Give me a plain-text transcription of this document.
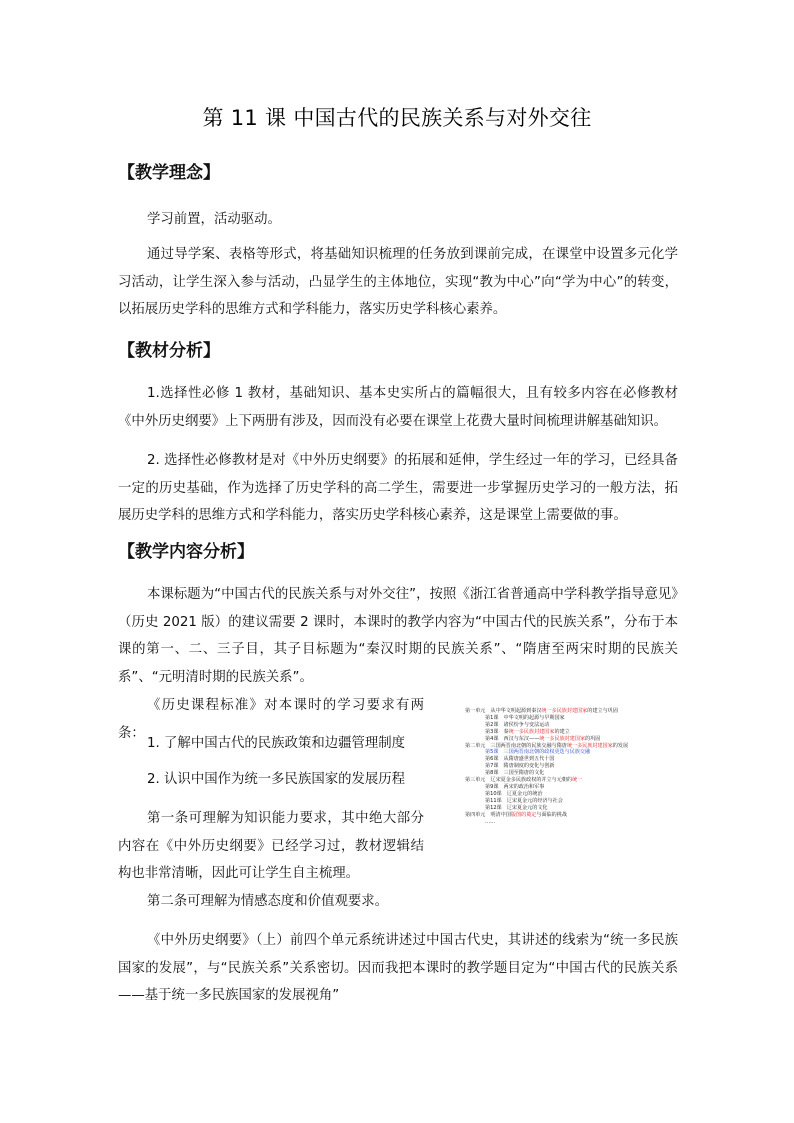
第 11 课 中国古代的民族关系与对外交往
【教学理念】

学习前置，活动驱动。

通过导学案、表格等形式，将基础知识梳理的任务放到课前完成，在课堂中设置多元化学习活动，让学生深入参与活动，凸显学生的主体地位，实现“教为中心”向“学为中心”的转变，以拓展历史学科的思维方式和学科能力，落实历史学科核心素养。

【教材分析】

1.选择性必修 1 教材，基础知识、基本史实所占的篇幅很大，且有较多内容在必修教材《中外历史纲要》上下两册有涉及，因而没有必要在课堂上花费大量时间梳理讲解基础知识。

2. 选择性必修教材是对《中外历史纲要》的拓展和延伸，学生经过一年的学习，已经具备一定的历史基础，作为选择了历史学科的高二学生，需要进一步掌握历史学习的一般方法，拓展历史学科的思维方式和学科能力，落实历史学科核心素养，这是课堂上需要做的事。

【教学内容分析】

本课标题为“中国古代的民族关系与对外交往”，按照《浙江省普通高中学科教学指导意见》（历史 2021 版）的建议需要 2 课时，本课时的教学内容为“中国古代的民族关系”，分布于本课的第一、二、三子目，其子目标题为“秦汉时期的民族关系”、“隋唐至两宋时期的民族关系”、“元明清时期的民族关系”。

《历史课程标准》对本课时的学习要求有两条：

1. 了解中国古代的民族政策和边疆管理制度
2. 认识中国作为统一多民族国家的发展历程

第一条可理解为知识能力要求，其中绝大部分内容在《中外历史纲要》已经学习过，教材逻辑结构也非常清晰，因此可让学生自主梳理。

第二条可理解为情感态度和价值观要求。

《中外历史纲要》（上）前四个单元系统讲述过中国古代史，其讲述的线索为“统一多民族国家的发展”，与“民族关系”关系密切。因而我把本课时的教学题目定为“中国古代的民族关系——基于统一多民族国家的发展视角”

第一单元　从中华文明起源到秦汉统一多民族封建国家的建立与巩固
第1课　中华文明的起源与早期国家
第2课　诸侯纷争与变法运动
第3课　秦统一多民族封建国家的建立
第4课　西汉与东汉——统一多民族封建国家的巩固
第二单元　三国两晋南北朝的民族交融与隋唐统一多民族封建国家的发展
第5课　三国两晋南北朝的政权更迭与民族交融
第6课　从隋唐盛世到五代十国
第7课　隋唐制度的变化与创新
第8课　三国至隋唐的文化
第三单元　辽宋夏金多民族政权的并立与元朝的统一
第9课　两宋的政治和军事
第10课　辽夏金元的统治
第11课　辽宋夏金元的经济与社会
第12课　辽宋夏金元的文化
第四单元　明清中国版图的奠定与面临的挑战
……
